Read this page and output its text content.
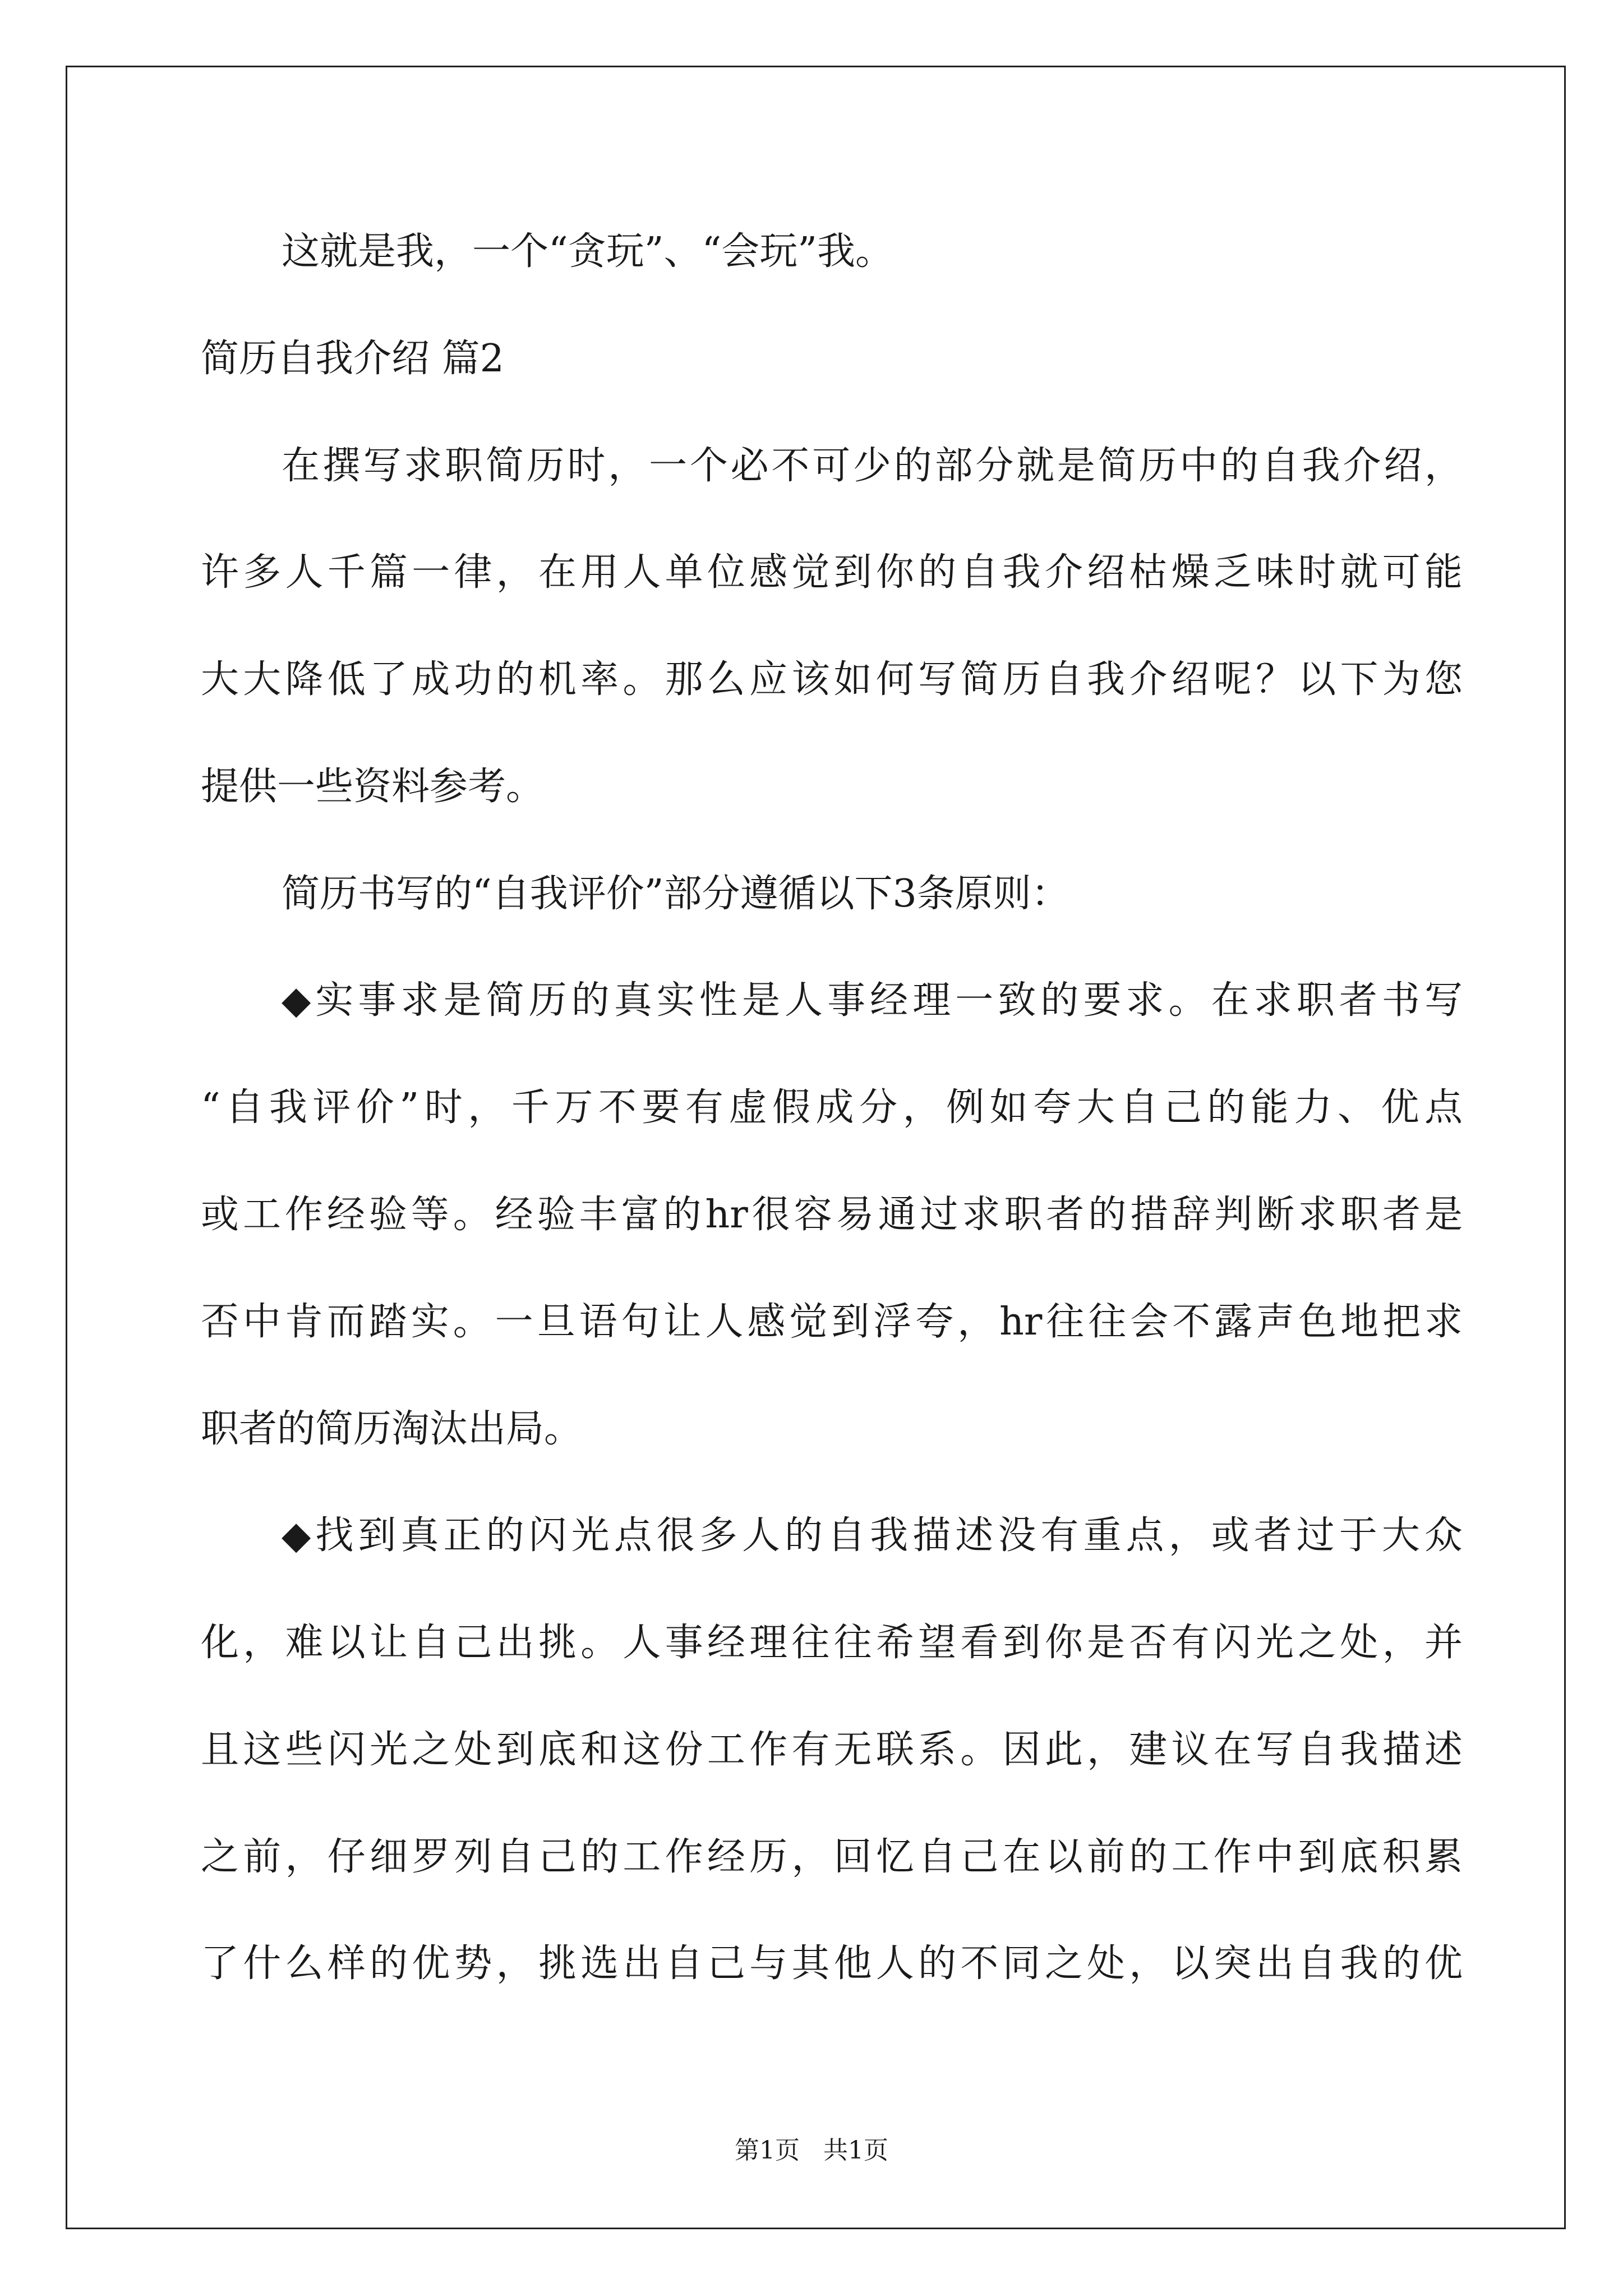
这就是我，一个“贪玩”、“会玩”我。

简历自我介绍 篇2

在撰写求职简历时，一个必不可少的部分就是简历中的自我介绍，

许多人千篇一律，在用人单位感觉到你的自我介绍枯燥乏味时就可能

大大降低了成功的机率。那么应该如何写简历自我介绍呢？以下为您

提供一些资料参考。

简历书写的“自我评价”部分遵循以下3条原则：

◆实事求是简历的真实性是人事经理一致的要求。在求职者书写

“自我评价”时，千万不要有虚假成分，例如夸大自己的能力、优点

或工作经验等。经验丰富的hr很容易通过求职者的措辞判断求职者是

否中肯而踏实。一旦语句让人感觉到浮夸，hr往往会不露声色地把求

职者的简历淘汰出局。

◆找到真正的闪光点很多人的自我描述没有重点，或者过于大众

化，难以让自己出挑。人事经理往往希望看到你是否有闪光之处，并

且这些闪光之处到底和这份工作有无联系。因此，建议在写自我描述

之前，仔细罗列自己的工作经历，回忆自己在以前的工作中到底积累

了什么样的优势，挑选出自己与其他人的不同之处，以突出自我的优

第1页   共1页
